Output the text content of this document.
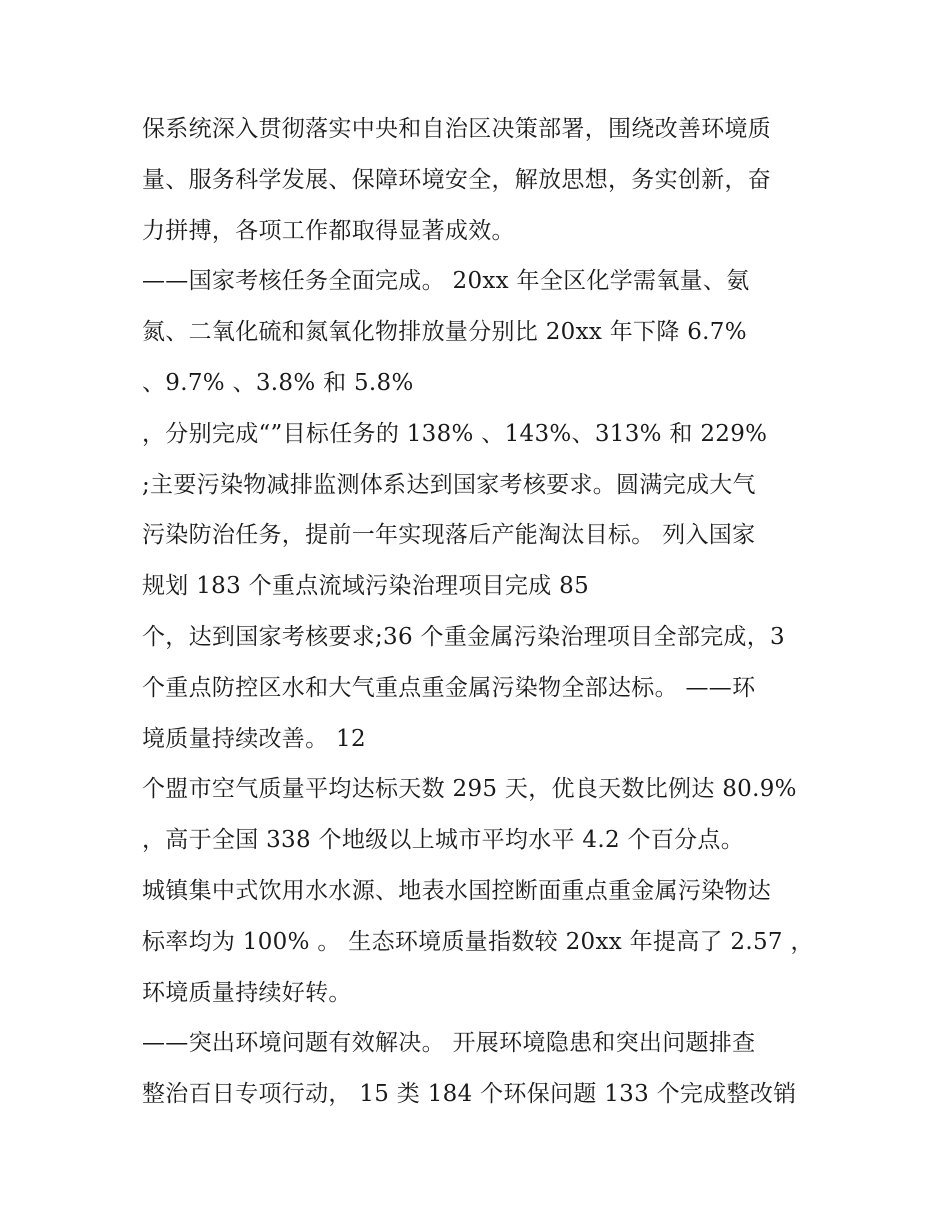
保系统深入贯彻落实中央和自治区决策部署，围绕改善环境质
量、服务科学发展、保障环境安全，解放思想，务实创新，奋
力拼搏，各项工作都取得显著成效。
——国家考核任务全面完成。 20xx 年全区化学需氧量、氨
氮、二氧化硫和氮氧化物排放量分别比 20xx 年下降 6.7%
、9.7% 、3.8% 和 5.8%
，分别完成“”目标任务的 138% 、143%、313% 和 229%
;主要污染物减排监测体系达到国家考核要求。圆满完成大气
污染防治任务，提前一年实现落后产能淘汰目标。 列入国家
规划 183 个重点流域污染治理项目完成 85
个，达到国家考核要求;36 个重金属污染治理项目全部完成，3
个重点防控区水和大气重点重金属污染物全部达标。 ——环
境质量持续改善。 12
个盟市空气质量平均达标天数 295 天，优良天数比例达 80.9%
，高于全国 338 个地级以上城市平均水平 4.2 个百分点。
城镇集中式饮用水水源、地表水国控断面重点重金属污染物达
标率均为 100% 。 生态环境质量指数较 20xx 年提高了 2.57 ，
环境质量持续好转。
——突出环境问题有效解决。 开展环境隐患和突出问题排查
整治百日专项行动， 15 类 184 个环保问题 133 个完成整改销
